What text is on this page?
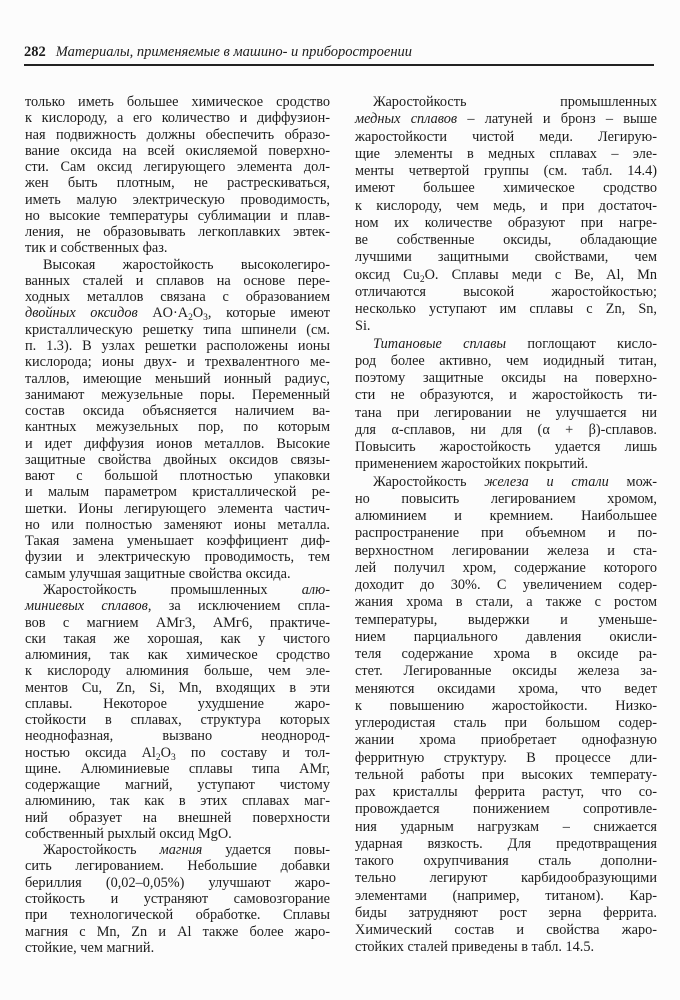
282 Материалы, применяемые в машино- и приборостроении
только иметь большее химическое сродство
к кислороду, а его количество и диффузион-
ная подвижность должны обеспечить образо-
вание оксида на всей окисляемой поверхно-
сти. Сам оксид легирующего элемента дол-
жен быть плотным, не растрескиваться,
иметь малую электрическую проводимость,
но высокие температуры сублимации и плав-
ления, не образовывать легкоплавких эвтек-
тик и собственных фаз.
Высокая жаростойкость высоколегиро-
ванных сталей и сплавов на основе пере-
ходных металлов связана с образованием
двойных оксидов $AO\cdot A_2O_3$, которые имеют
кристаллическую решетку типа шпинели (см.
п. 1.3). В узлах решетки расположены ионы
кислорода; ионы двух- и трехвалентного ме-
таллов, имеющие меньший ионный радиус,
занимают межузельные поры. Переменный
состав оксида объясняется наличием ва-
кантных межузельных пор, по которым
и идет диффузия ионов металлов. Высокие
защитные свойства двойных оксидов связы-
вают с большой плотностью упаковки
и малым параметром кристаллической ре-
шетки. Ионы легирующего элемента частич-
но или полностью заменяют ионы металла.
Такая замена уменьшает коэффициент диф-
фузии и электрическую проводимость, тем
самым улучшая защитные свойства оксида.
Жаростойкость промышленных алю-
миниевых сплавов, за исключением спла-
вов с магнием АМг3, АМг6, практиче-
ски такая же хорошая, как у чистого
алюминия, так как химическое сродство
к кислороду алюминия больше, чем эле-
ментов Cu, Zn, Si, Mn, входящих в эти
сплавы. Некоторое ухудшение жаро-
стойкости в сплавах, структура которых
неоднофазная, вызвано неоднород-
ностью оксида $Al_2O_3$ по составу и тол-
щине. Алюминиевые сплавы типа АМг,
содержащие магний, уступают чистому
алюминию, так как в этих сплавах маг-
ний образует на внешней поверхности
собственный рыхлый оксид MgO.
Жаростойкость магния удается повы-
сить легированием. Небольшие добавки
бериллия (0,02–0,05%) улучшают жаро-
стойкость и устраняют самовозгорание
при технологической обработке. Сплавы
магния с Mn, Zn и Al также более жаро-
стойкие, чем магний.
Жаростойкость промышленных
медных сплавов – латуней и бронз – выше
жаростойкости чистой меди. Легирую-
щие элементы в медных сплавах – эле-
менты четвертой группы (см. табл. 14.4)
имеют большее химическое сродство
к кислороду, чем медь, и при достаточ-
ном их количестве образуют при нагре-
ве собственные оксиды, обладающие
лучшими защитными свойствами, чем
оксид $Cu_2O$. Сплавы меди с Be, Al, Mn
отличаются высокой жаростойкостью;
несколько уступают им сплавы с Zn, Sn,
Si.
Титановые сплавы поглощают кисло-
род более активно, чем иодидный титан,
поэтому защитные оксиды на поверхно-
сти не образуются, и жаростойкость ти-
тана при легировании не улучшается ни
для α-сплавов, ни для (α + β)-сплавов.
Повысить жаростойкость удается лишь
применением жаростойких покрытий.
Жаростойкость железа и стали мож-
но повысить легированием хромом,
алюминием и кремнием. Наибольшее
распространение при объемном и по-
верхностном легировании железа и ста-
лей получил хром, содержание которого
доходит до 30%. С увеличением содер-
жания хрома в стали, а также с ростом
температуры, выдержки и уменьше-
нием парциального давления окисли-
теля содержание хрома в оксиде ра-
стет. Легированные оксиды железа за-
меняются оксидами хрома, что ведет
к повышению жаростойкости. Низко-
углеродистая сталь при большом содер-
жании хрома приобретает однофазную
ферритную структуру. В процессе дли-
тельной работы при высоких температу-
рах кристаллы феррита растут, что со-
провождается понижением сопротивле-
ния ударным нагрузкам – снижается
ударная вязкость. Для предотвращения
такого охрупчивания сталь дополни-
тельно легируют карбидообразующими
элементами (например, титаном). Кар-
биды затрудняют рост зерна феррита.
Химический состав и свойства жаро-
стойких сталей приведены в табл. 14.5.
